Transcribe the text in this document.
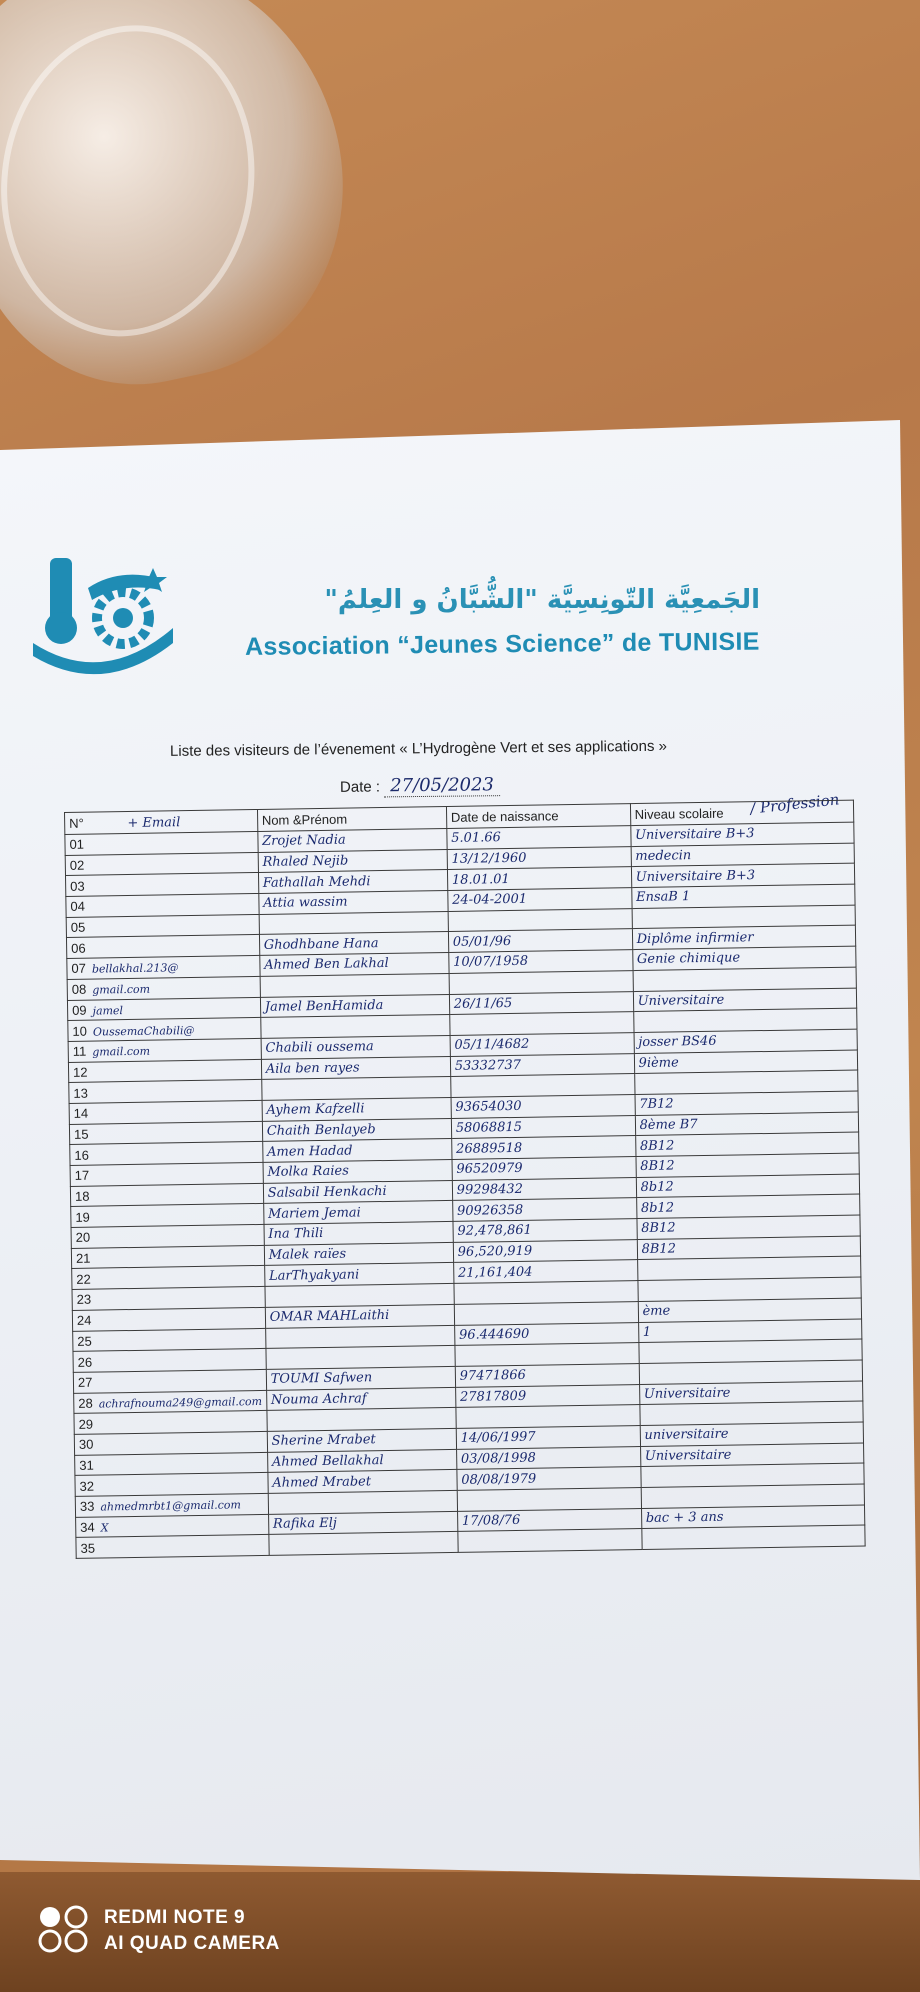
الجَمعِيَّة التّونِسِيَّة "الشُّبَّانُ و العِلمُ"
Association “Jeunes Science” de TUNISIE
Liste des visiteurs de l’évenement « L’Hydrogène Vert et ses applications »
Date : 27/05/2023
/ Profession
N° + Email	Nom &Prénom	Date de naissance	Niveau scolaire
01	Zrojet Nadia	5.01.66	Universitaire B+3
02	Rhaled Nejib	13/12/1960	medecin
03	Fathallah Mehdi	18.01.01	Universitaire B+3
04	Attia wassim	24-04-2001	EnsaB 1
05			
06	Ghodhbane Hana	05/01/96	Diplôme infirmier
07 bellakhal.213@	Ahmed Ben Lakhal	10/07/1958	Genie chimique
08 gmail.com			
09 jamel	Jamel BenHamida	26/11/65	Universitaire
10 OussemaChabili@			
11 gmail.com	Chabili oussema	05/11/4682	josser BS46
12	Aila ben rayes	53332737	9ième
13			
14	Ayhem Kafzelli	93654030	7B12
15	Chaith Benlayeb	58068815	8ème B7
16	Amen Hadad	26889518	8B12
17	Molka Raies	96520979	8B12
18	Salsabil Henkachi	99298432	8b12
19	Mariem Jemai	90926358	8b12
20	Ina Thili	92,478,861	8B12
21	Malek raïes	96,520,919	8B12
22	LarThyakyani	21,161,404	
23			
24	OMAR MAHLaithi		ème
25		96.444690	1
26			
27	TOUMI Safwen	97471866	
28 achrafnouma249@gmail.com	Nouma Achraf	27817809	Universitaire
29			
30	Sherine Mrabet	14/06/1997	universitaire
31	Ahmed Bellakhal	03/08/1998	Universitaire
32	Ahmed Mrabet	08/08/1979	
33 ahmedmrbt1@gmail.com			
34 X	Rafika Elj	17/08/76	bac + 3 ans
35			
REDMI NOTE 9
AI QUAD CAMERA
